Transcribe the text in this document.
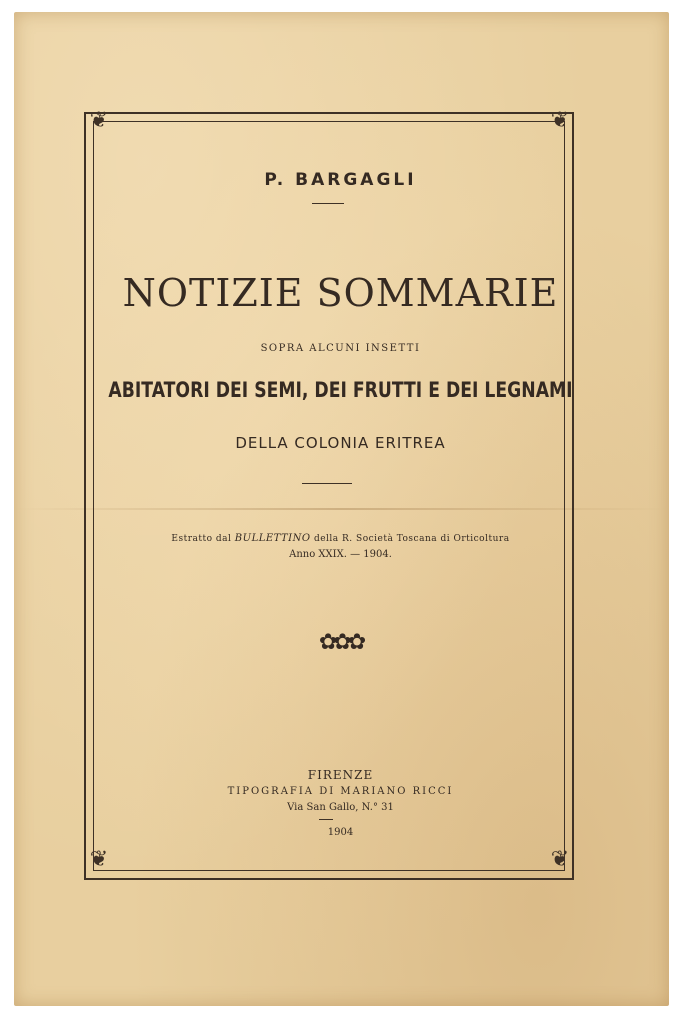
❦	❦
❦	❦
P. BARGAGLI
NOTIZIE SOMMARIE
SOPRA ALCUNI INSETTI
ABITATORI DEI SEMI, DEI FRUTTI E DEI LEGNAMI
DELLA COLONIA ERITREA
Estratto dal BULLETTINO della R. Società Toscana di Orticoltura
Anno XXIX. — 1904.
✿✿✿
FIRENZE
TIPOGRAFIA DI MARIANO RICCI
Via San Gallo, N.° 31
1904
